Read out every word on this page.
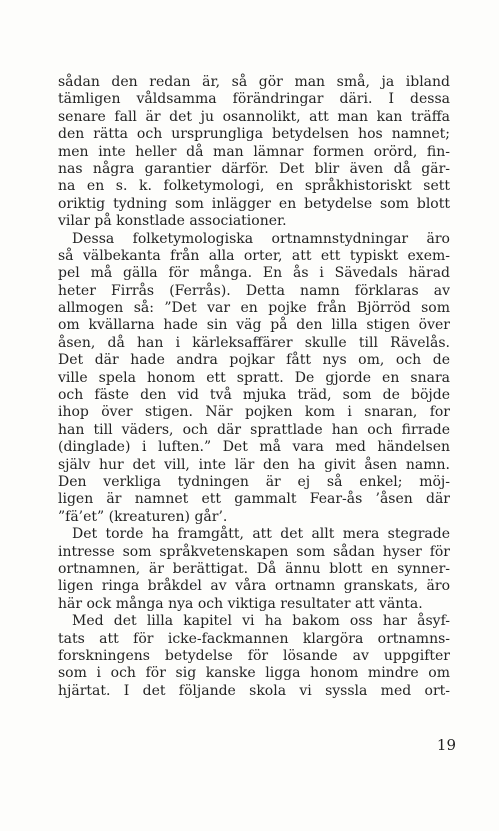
sådan den redan är, så gör man små, ja ibland
tämligen våldsamma förändringar däri. I dessa
senare fall är det ju osannolikt, att man kan träffa
den rätta och ursprungliga betydelsen hos namnet;
men inte heller då man lämnar formen orörd, fin-
nas några garantier därför. Det blir även då gär-
na en s. k. folketymologi, en språkhistoriskt sett
oriktig tydning som inlägger en betydelse som blott
vilar på konstlade associationer.
Dessa folketymologiska ortnamnstydningar äro
så välbekanta från alla orter, att ett typiskt exem-
pel må gälla för många. En ås i Sävedals härad
heter Firrås (Ferrås). Detta namn förklaras av
allmogen så: ”Det var en pojke från Björröd som
om kvällarna hade sin väg på den lilla stigen över
åsen, då han i kärleksaffärer skulle till Rävelås.
Det där hade andra pojkar fått nys om, och de
ville spela honom ett spratt. De gjorde en snara
och fäste den vid två mjuka träd, som de böjde
ihop över stigen. När pojken kom i snaran, for
han till väders, och där sprattlade han och firrade
(dinglade) i luften.” Det må vara med händelsen
själv hur det vill, inte lär den ha givit åsen namn.
Den verkliga tydningen är ej så enkel; möj-
ligen är namnet ett gammalt Fear-ås ’åsen där
”fä’et” (kreaturen) går’.
Det torde ha framgått, att det allt mera stegrade
intresse som språkvetenskapen som sådan hyser för
ortnamnen, är berättigat. Då ännu blott en synner-
ligen ringa bråkdel av våra ortnamn granskats, äro
här ock många nya och viktiga resultater att vänta.
Med det lilla kapitel vi ha bakom oss har åsyf-
tats att för icke-fackmannen klargöra ortnamns-
forskningens betydelse för lösande av uppgifter
som i och för sig kanske ligga honom mindre om
hjärtat. I det följande skola vi syssla med ort-
19
